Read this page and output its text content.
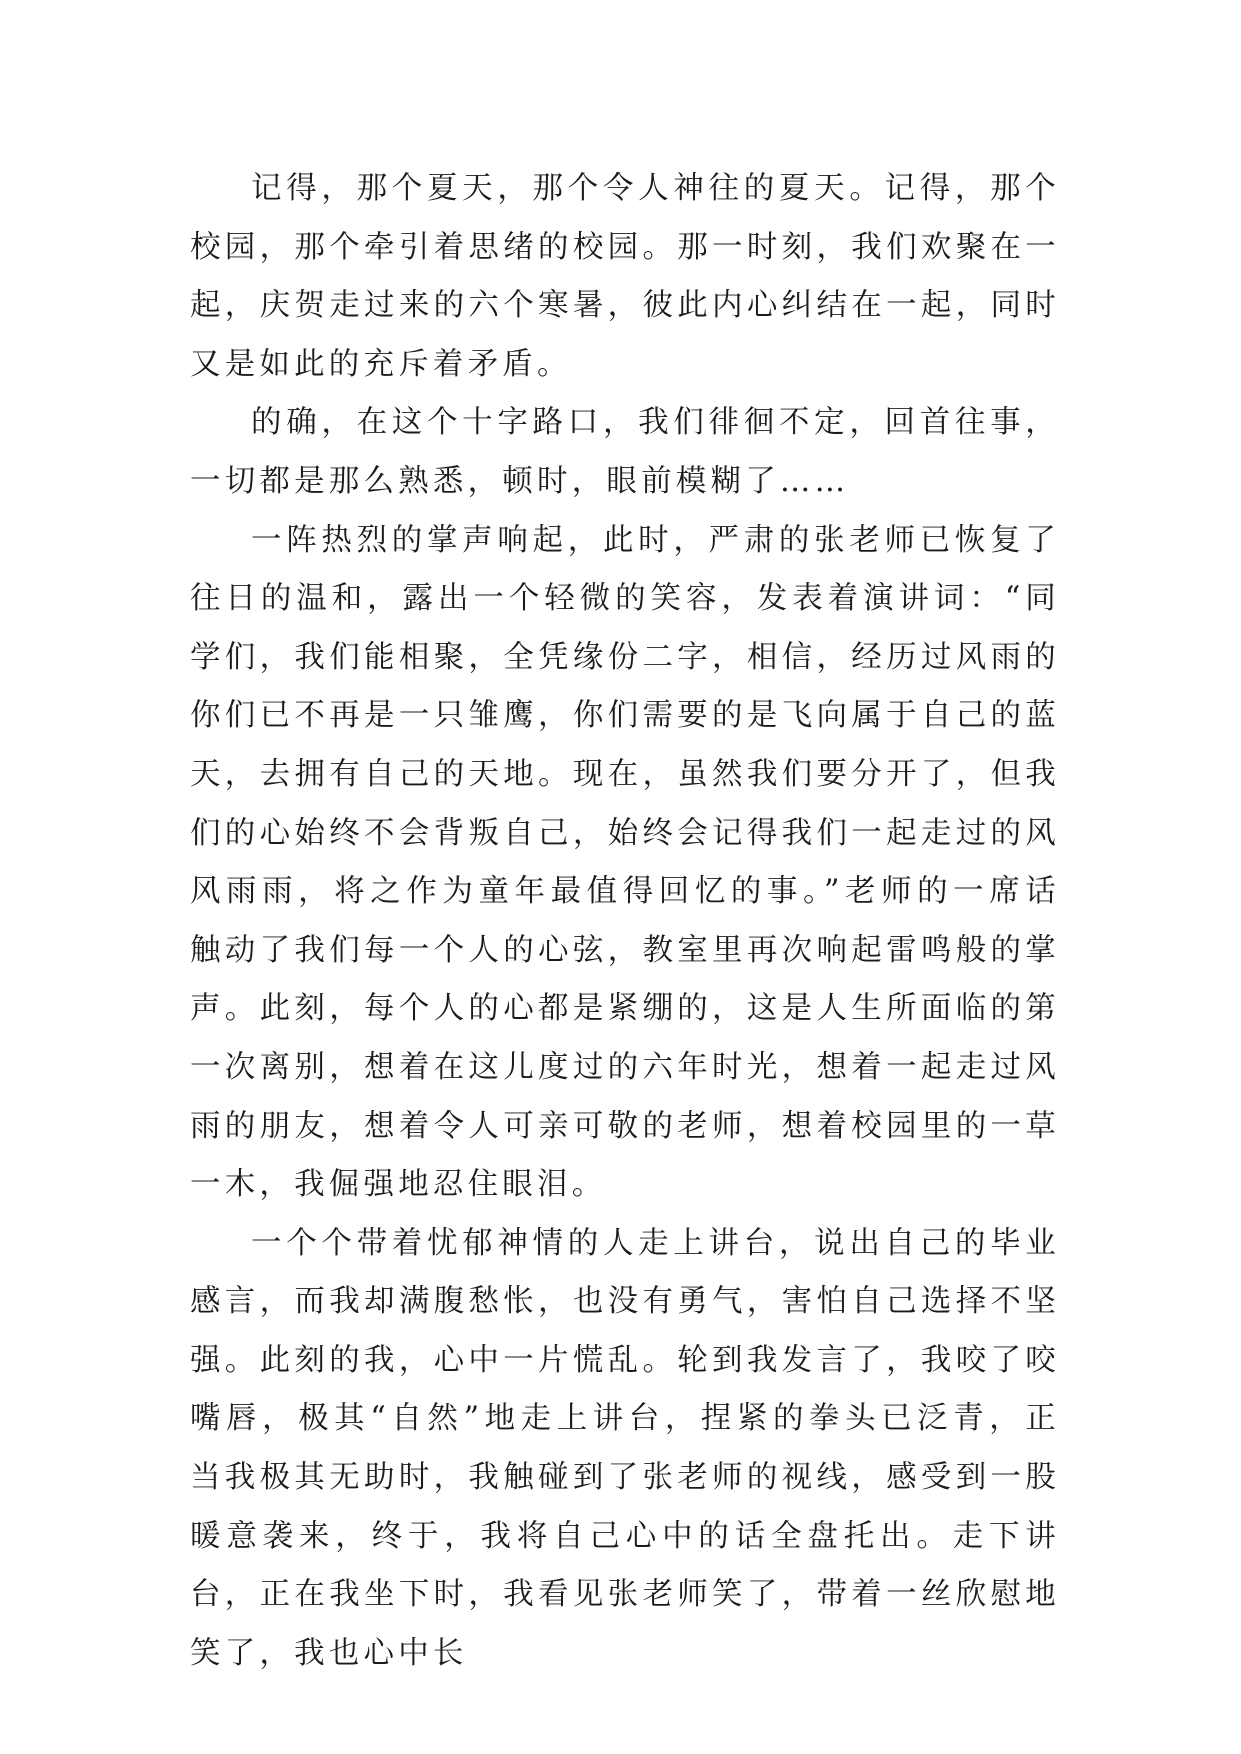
记得，那个夏天，那个令人神往的夏天。记得，那个校园，那个牵引着思绪的校园。那一时刻，我们欢聚在一起，庆贺走过来的六个寒暑，彼此内心纠结在一起，同时又是如此的充斥着矛盾。

的确，在这个十字路口，我们徘徊不定，回首往事，一切都是那么熟悉，顿时，眼前模糊了……

一阵热烈的掌声响起，此时，严肃的张老师已恢复了往日的温和，露出一个轻微的笑容，发表着演讲词：“同学们，我们能相聚，全凭缘份二字，相信，经历过风雨的你们已不再是一只雏鹰，你们需要的是飞向属于自己的蓝天，去拥有自己的天地。现在，虽然我们要分开了，但我们的心始终不会背叛自己，始终会记得我们一起走过的风风雨雨，将之作为童年最值得回忆的事。”老师的一席话触动了我们每一个人的心弦，教室里再次响起雷鸣般的掌声。此刻，每个人的心都是紧绷的，这是人生所面临的第一次离别，想着在这儿度过的六年时光，想着一起走过风雨的朋友，想着令人可亲可敬的老师，想着校园里的一草一木，我倔强地忍住眼泪。

一个个带着忧郁神情的人走上讲台，说出自己的毕业感言，而我却满腹愁怅，也没有勇气，害怕自己选择不坚强。此刻的我，心中一片慌乱。轮到我发言了，我咬了咬嘴唇，极其“自然”地走上讲台，捏紧的拳头已泛青，正当我极其无助时，我触碰到了张老师的视线，感受到一股暖意袭来，终于，我将自己心中的话全盘托出。走下讲台，正在我坐下时，我看见张老师笑了，带着一丝欣慰地笑了，我也心中长
